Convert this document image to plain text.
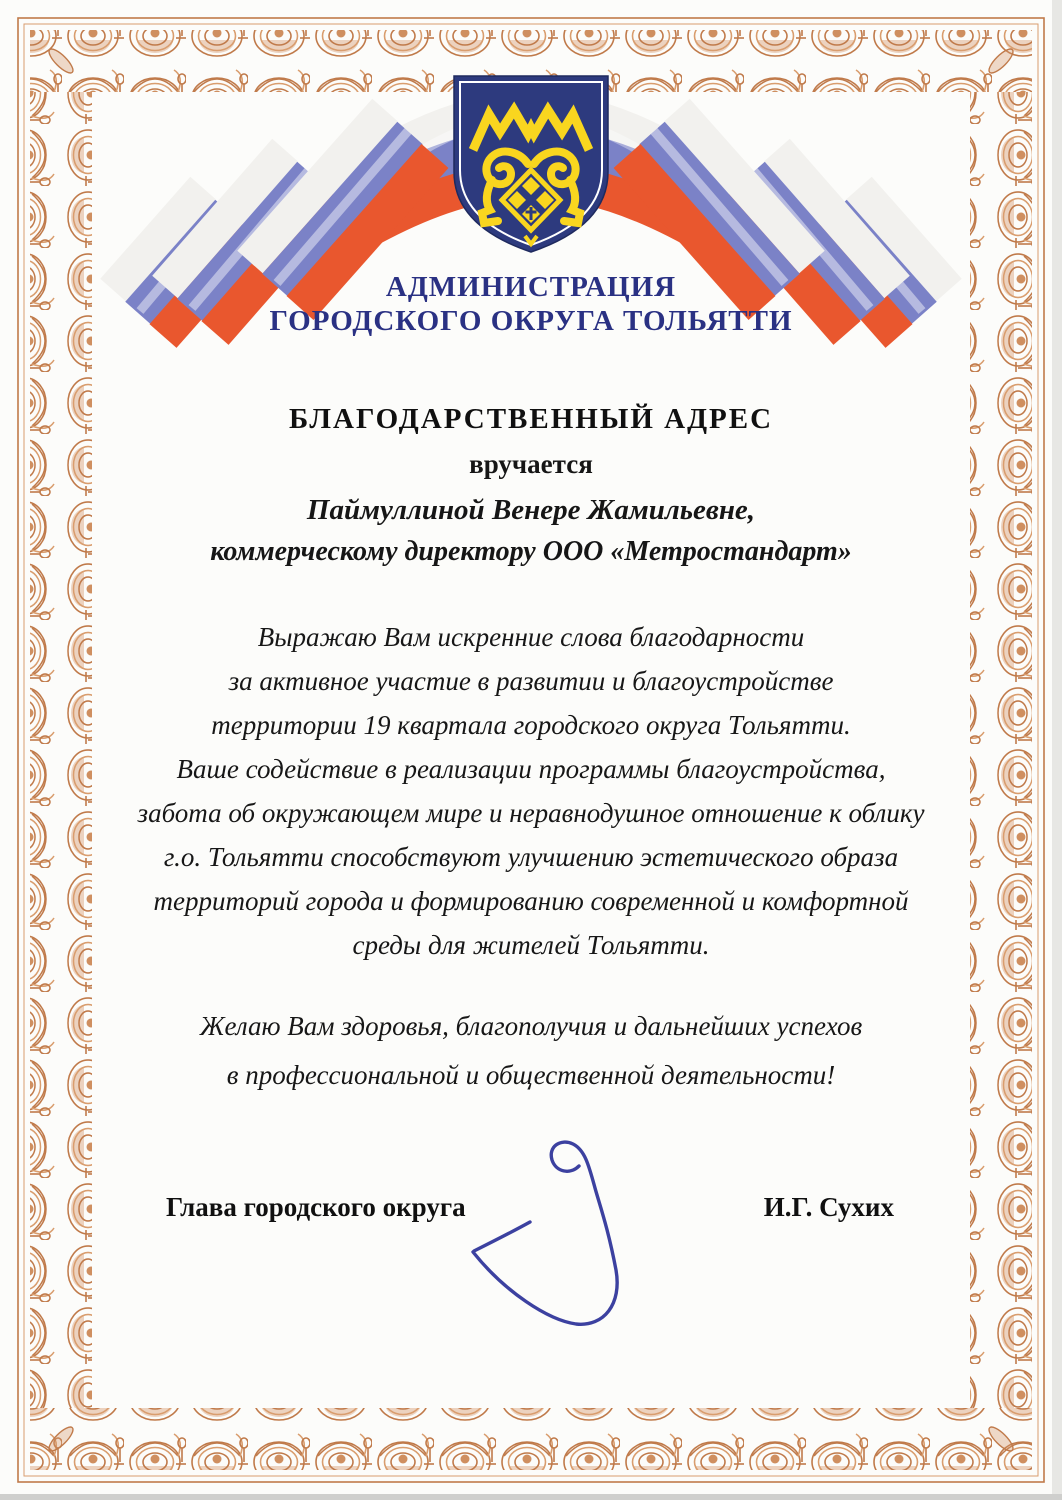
АДМИНИСТРАЦИЯ
ГОРОДСКОГО ОКРУГА ТОЛЬЯТТИ
БЛАГОДАРСТВЕННЫЙ АДРЕС
вручается
Паймуллиной Венере Жамильевне,
коммерческому директору ООО «Метростандарт»
Выражаю Вам искренние слова благодарности
за активное участие в развитии и благоустройстве
территории 19 квартала городского округа Тольятти.
Ваше содействие в реализации программы благоустройства,
забота об окружающем мире и неравнодушное отношение к облику
г.о. Тольятти способствуют улучшению эстетического образа
территорий города и формированию современной и комфортной
среды для жителей Тольятти.
Желаю Вам здоровья, благополучия и дальнейших успехов
в профессиональной и общественной деятельности!
Глава городского округа	И.Г. Сухих
